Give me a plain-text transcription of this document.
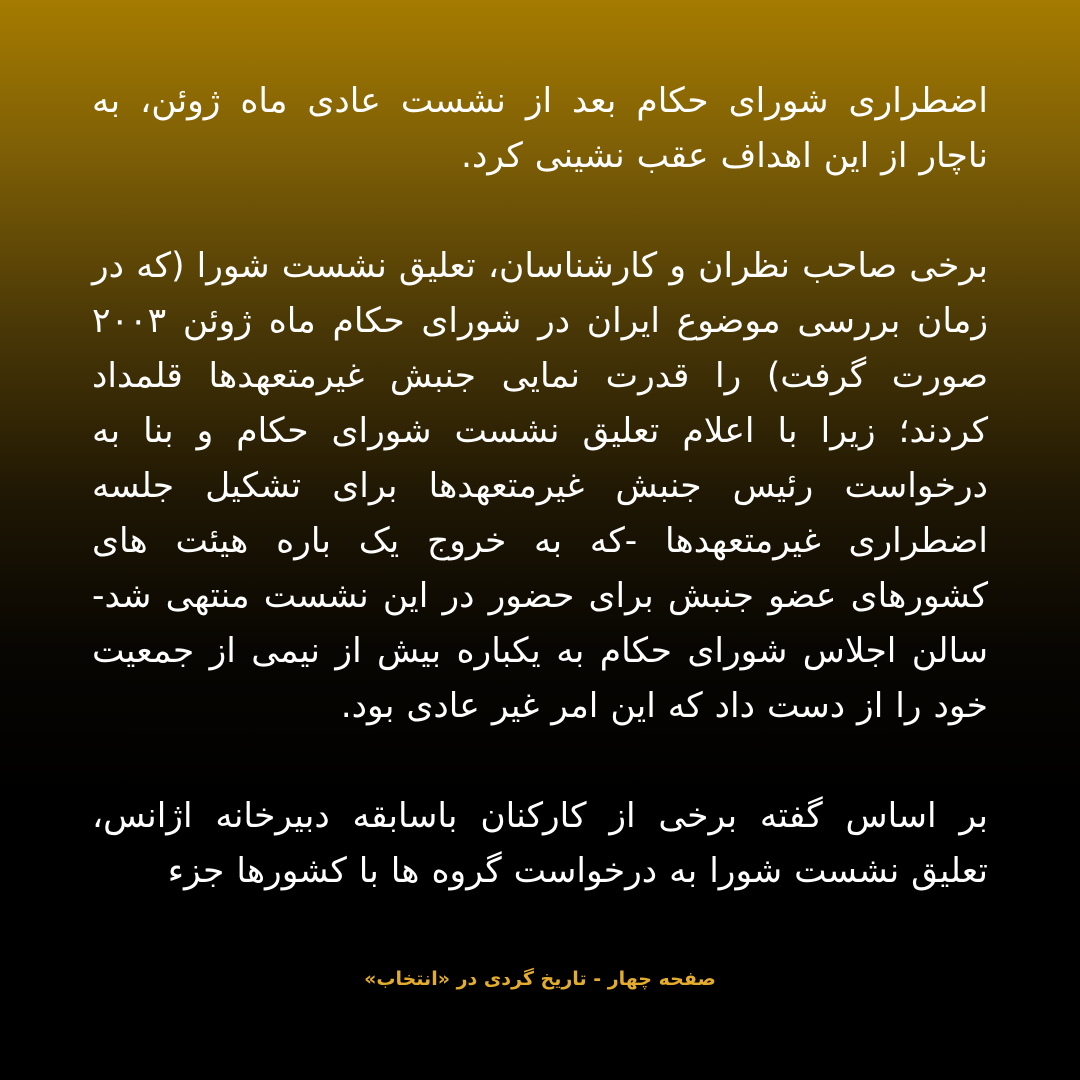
اضطراری شورای حکام بعد از نشست عادی ماه ژوئن، به ناچار از این اهداف عقب نشینی کرد.

برخی صاحب نظران و کارشناسان، تعلیق نشست شورا (که در زمان بررسی موضوع ایران در شورای حکام ماه ژوئن ۲۰۰۳ صورت گرفت) را قدرت نمایی جنبش غیرمتعهدها قلمداد کردند؛ زیرا با اعلام تعلیق نشست شورای حکام و بنا به درخواست رئیس جنبش غیرمتعهدها برای تشکیل جلسه اضطراری غیرمتعهدها -که به خروج یک باره هیئت های کشورهای عضو جنبش برای حضور در این نشست منتهی شد- سالن اجلاس شورای حکام به یکباره بیش از نیمی از جمعیت خود را از دست داد که این امر غیر عادی بود.

بر اساس گفته برخی از کارکنان باسابقه دبیرخانه اژانس، تعلیق نشست شورا به درخواست گروه ها با کشورها جزء

صفحه چهار - تاریخ گردی در «انتخاب»
